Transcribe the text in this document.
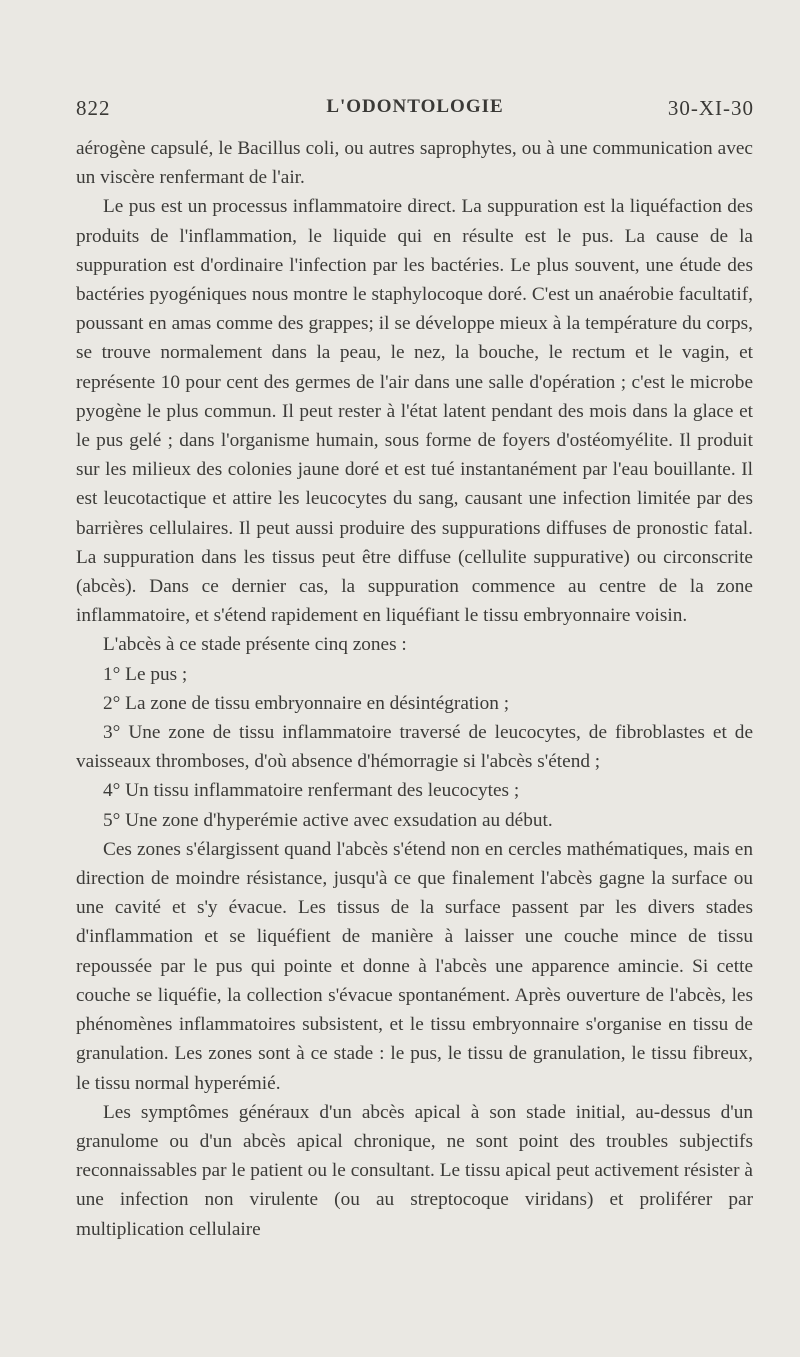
822	L'ODONTOLOGIE	30-XI-30

aérogène capsulé, le Bacillus coli, ou autres saprophytes, ou à une communication avec un viscère renfermant de l'air.

Le pus est un processus inflammatoire direct. La suppuration est la liquéfaction des produits de l'inflammation, le liquide qui en résulte est le pus. La cause de la suppuration est d'ordinaire l'infection par les bactéries. Le plus souvent, une étude des bactéries pyogéniques nous montre le staphylocoque doré. C'est un anaérobie facultatif, poussant en amas comme des grappes; il se développe mieux à la température du corps, se trouve normalement dans la peau, le nez, la bouche, le rectum et le vagin, et représente 10 pour cent des germes de l'air dans une salle d'opération ; c'est le microbe pyogène le plus commun. Il peut rester à l'état latent pendant des mois dans la glace et le pus gelé ; dans l'organisme humain, sous forme de foyers d'ostéomyélite. Il produit sur les milieux des colonies jaune doré et est tué instantanément par l'eau bouillante. Il est leucotactique et attire les leucocytes du sang, causant une infection limitée par des barrières cellulaires. Il peut aussi produire des suppurations diffuses de pronostic fatal. La suppuration dans les tissus peut être diffuse (cellulite suppurative) ou circonscrite (abcès). Dans ce dernier cas, la suppuration commence au centre de la zone inflammatoire, et s'étend rapidement en liquéfiant le tissu embryonnaire voisin.

L'abcès à ce stade présente cinq zones :

1° Le pus ;

2° La zone de tissu embryonnaire en désintégration ;

3° Une zone de tissu inflammatoire traversé de leucocytes, de fibroblastes et de vaisseaux thromboses, d'où absence d'hémorragie si l'abcès s'étend ;

4° Un tissu inflammatoire renfermant des leucocytes ;

5° Une zone d'hyperémie active avec exsudation au début.

Ces zones s'élargissent quand l'abcès s'étend non en cercles mathématiques, mais en direction de moindre résistance, jusqu'à ce que finalement l'abcès gagne la surface ou une cavité et s'y évacue. Les tissus de la surface passent par les divers stades d'inflammation et se liquéfient de manière à laisser une couche mince de tissu repoussée par le pus qui pointe et donne à l'abcès une apparence amincie. Si cette couche se liquéfie, la collection s'évacue spontanément. Après ouverture de l'abcès, les phénomènes inflammatoires subsistent, et le tissu embryonnaire s'organise en tissu de granulation. Les zones sont à ce stade : le pus, le tissu de granulation, le tissu fibreux, le tissu normal hyperémié.

Les symptômes généraux d'un abcès apical à son stade initial, au-dessus d'un granulome ou d'un abcès apical chronique, ne sont point des troubles subjectifs reconnaissables par le patient ou le consultant. Le tissu apical peut activement résister à une infection non virulente (ou au streptocoque viridans) et proliférer par multiplication cellulaire
